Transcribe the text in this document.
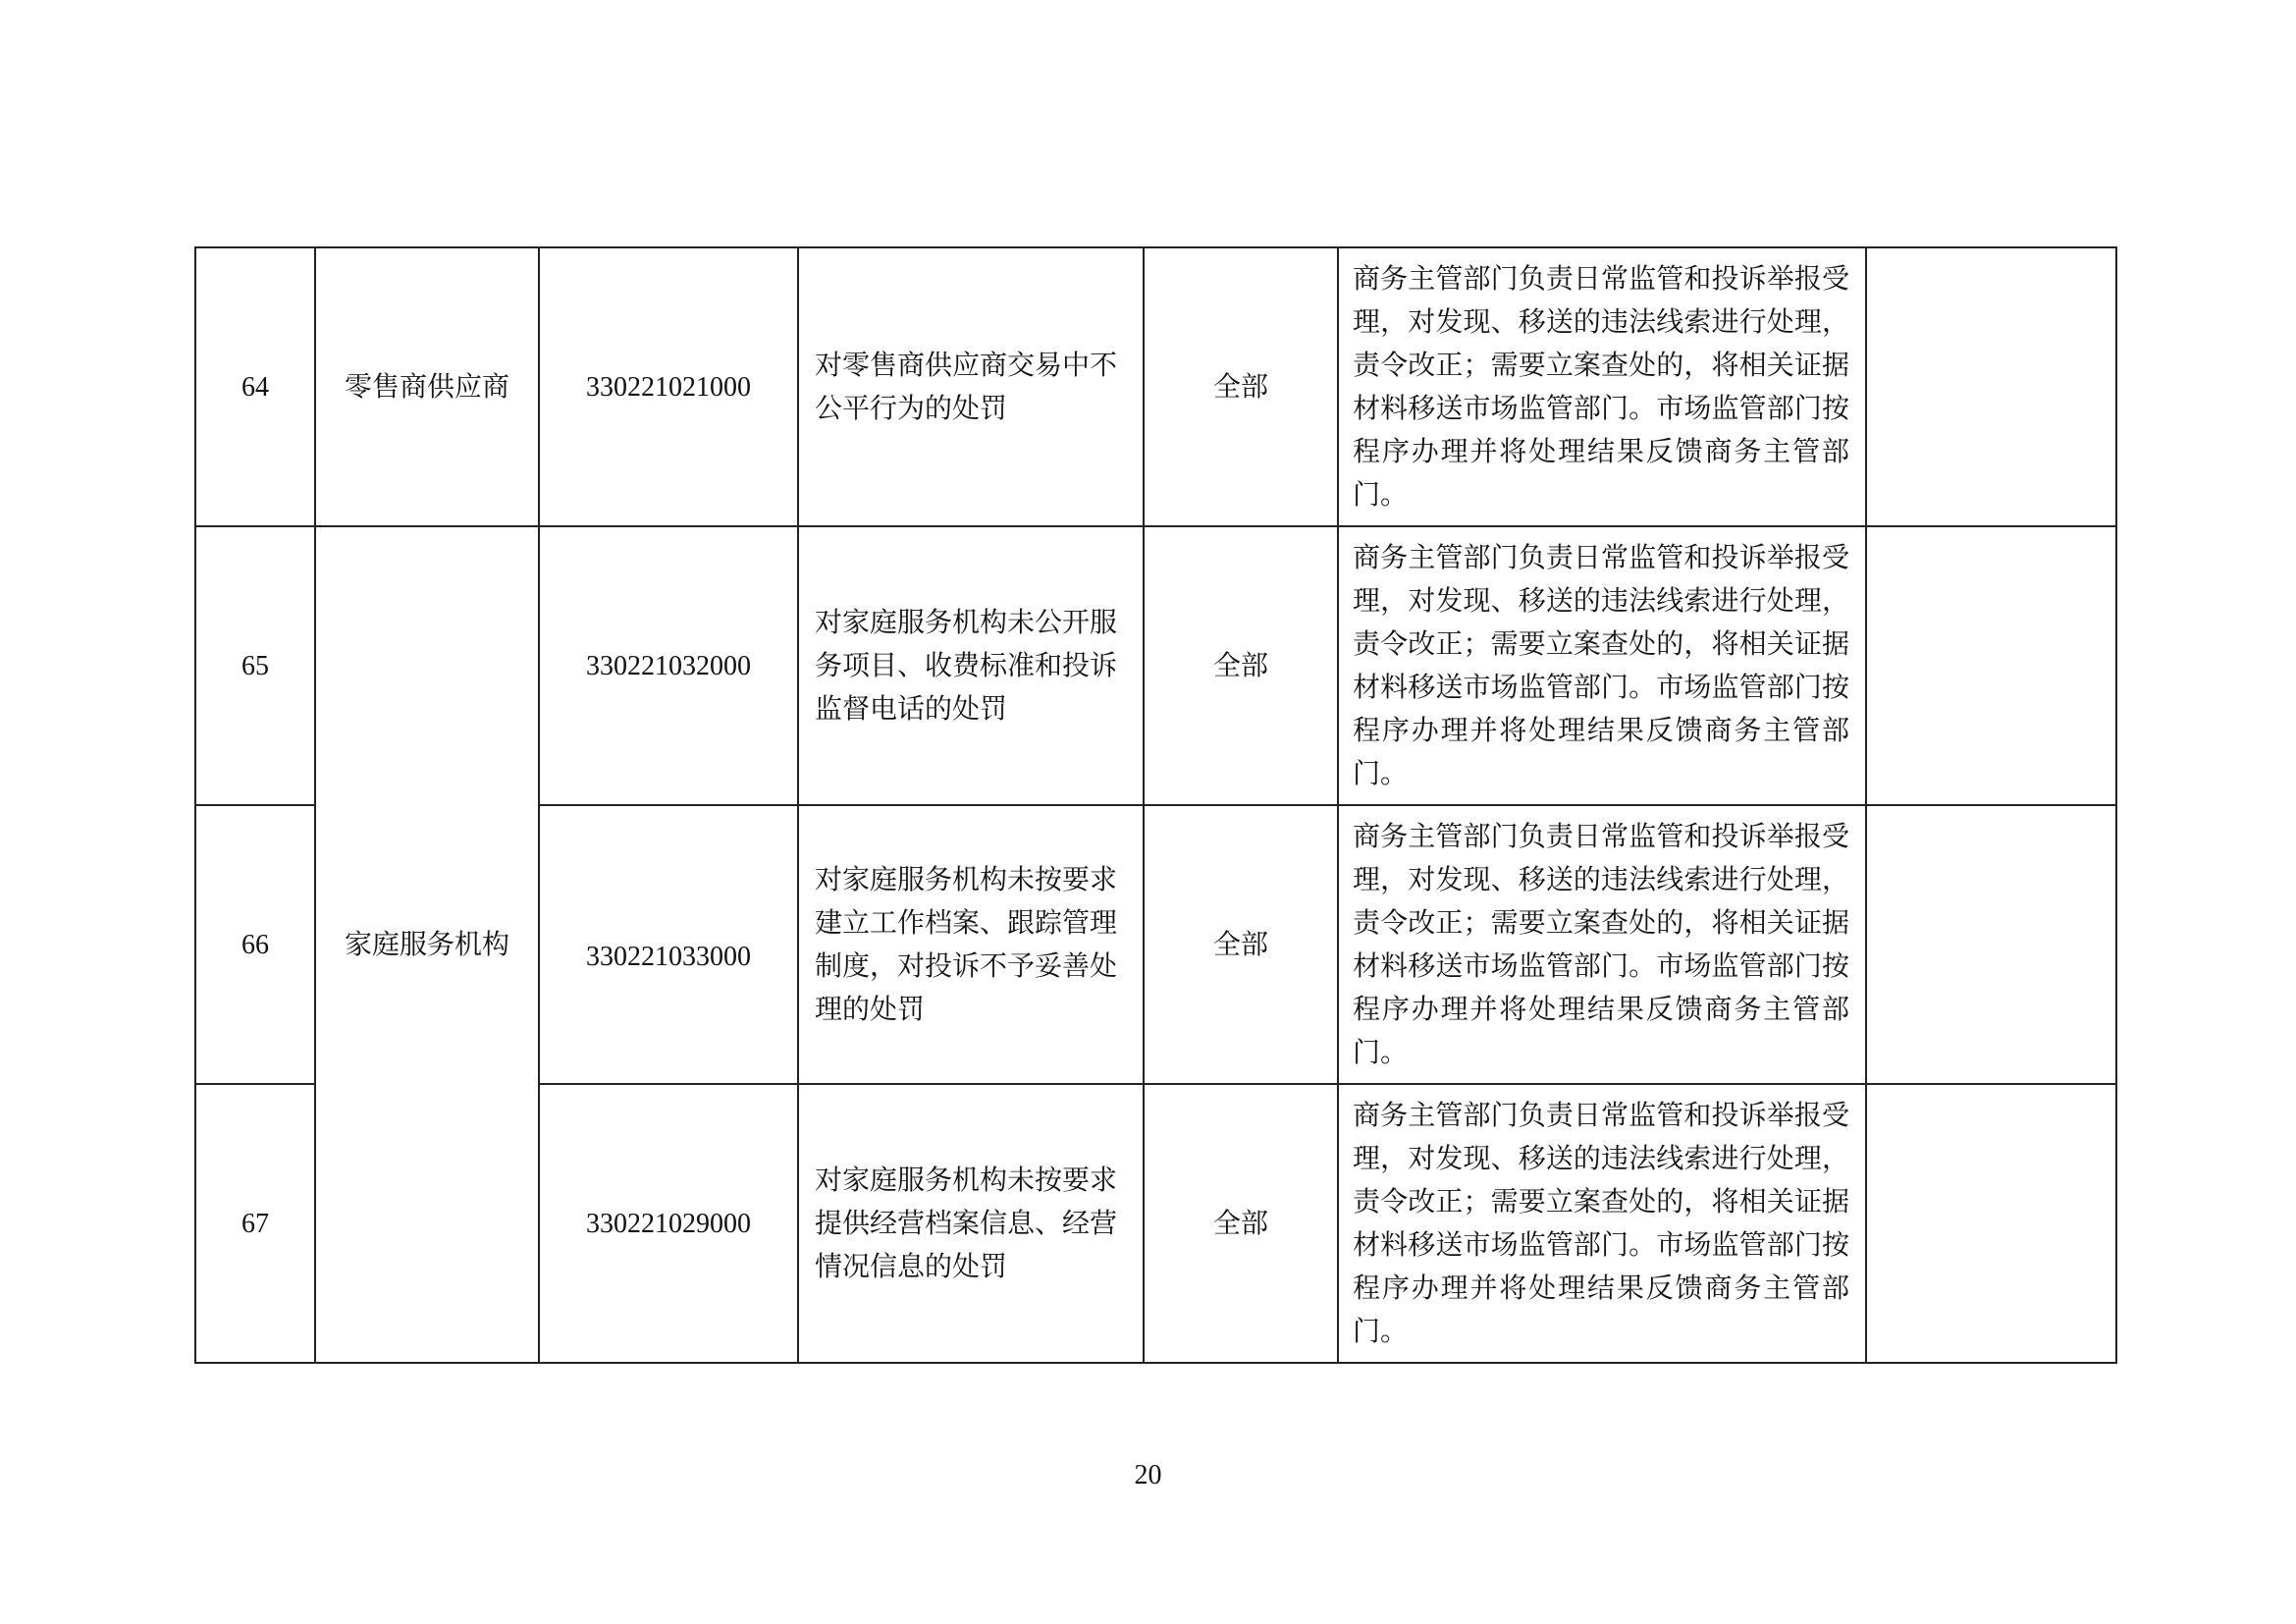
64	零售商供应商	330221021000	对零售商供应商交易中不公平行为的处罚	全部	商务主管部门负责日常监管和投诉举报受理，对发现、移送的违法线索进行处理，责令改正；需要立案查处的，将相关证据材料移送市场监管部门。市场监管部门按程序办理并将处理结果反馈商务主管部门。	

65	家庭服务机构	330221032000	对家庭服务机构未公开服务项目、收费标准和投诉监督电话的处罚	全部	商务主管部门负责日常监管和投诉举报受理，对发现、移送的违法线索进行处理，责令改正；需要立案查处的，将相关证据材料移送市场监管部门。市场监管部门按程序办理并将处理结果反馈商务主管部门。	

66		330221033000	对家庭服务机构未按要求建立工作档案、跟踪管理制度，对投诉不予妥善处理的处罚	全部	商务主管部门负责日常监管和投诉举报受理，对发现、移送的违法线索进行处理，责令改正；需要立案查处的，将相关证据材料移送市场监管部门。市场监管部门按程序办理并将处理结果反馈商务主管部门。	

67		330221029000	对家庭服务机构未按要求提供经营档案信息、经营情况信息的处罚	全部	商务主管部门负责日常监管和投诉举报受理，对发现、移送的违法线索进行处理，责令改正；需要立案查处的，将相关证据材料移送市场监管部门。市场监管部门按程序办理并将处理结果反馈商务主管部门。	

20
